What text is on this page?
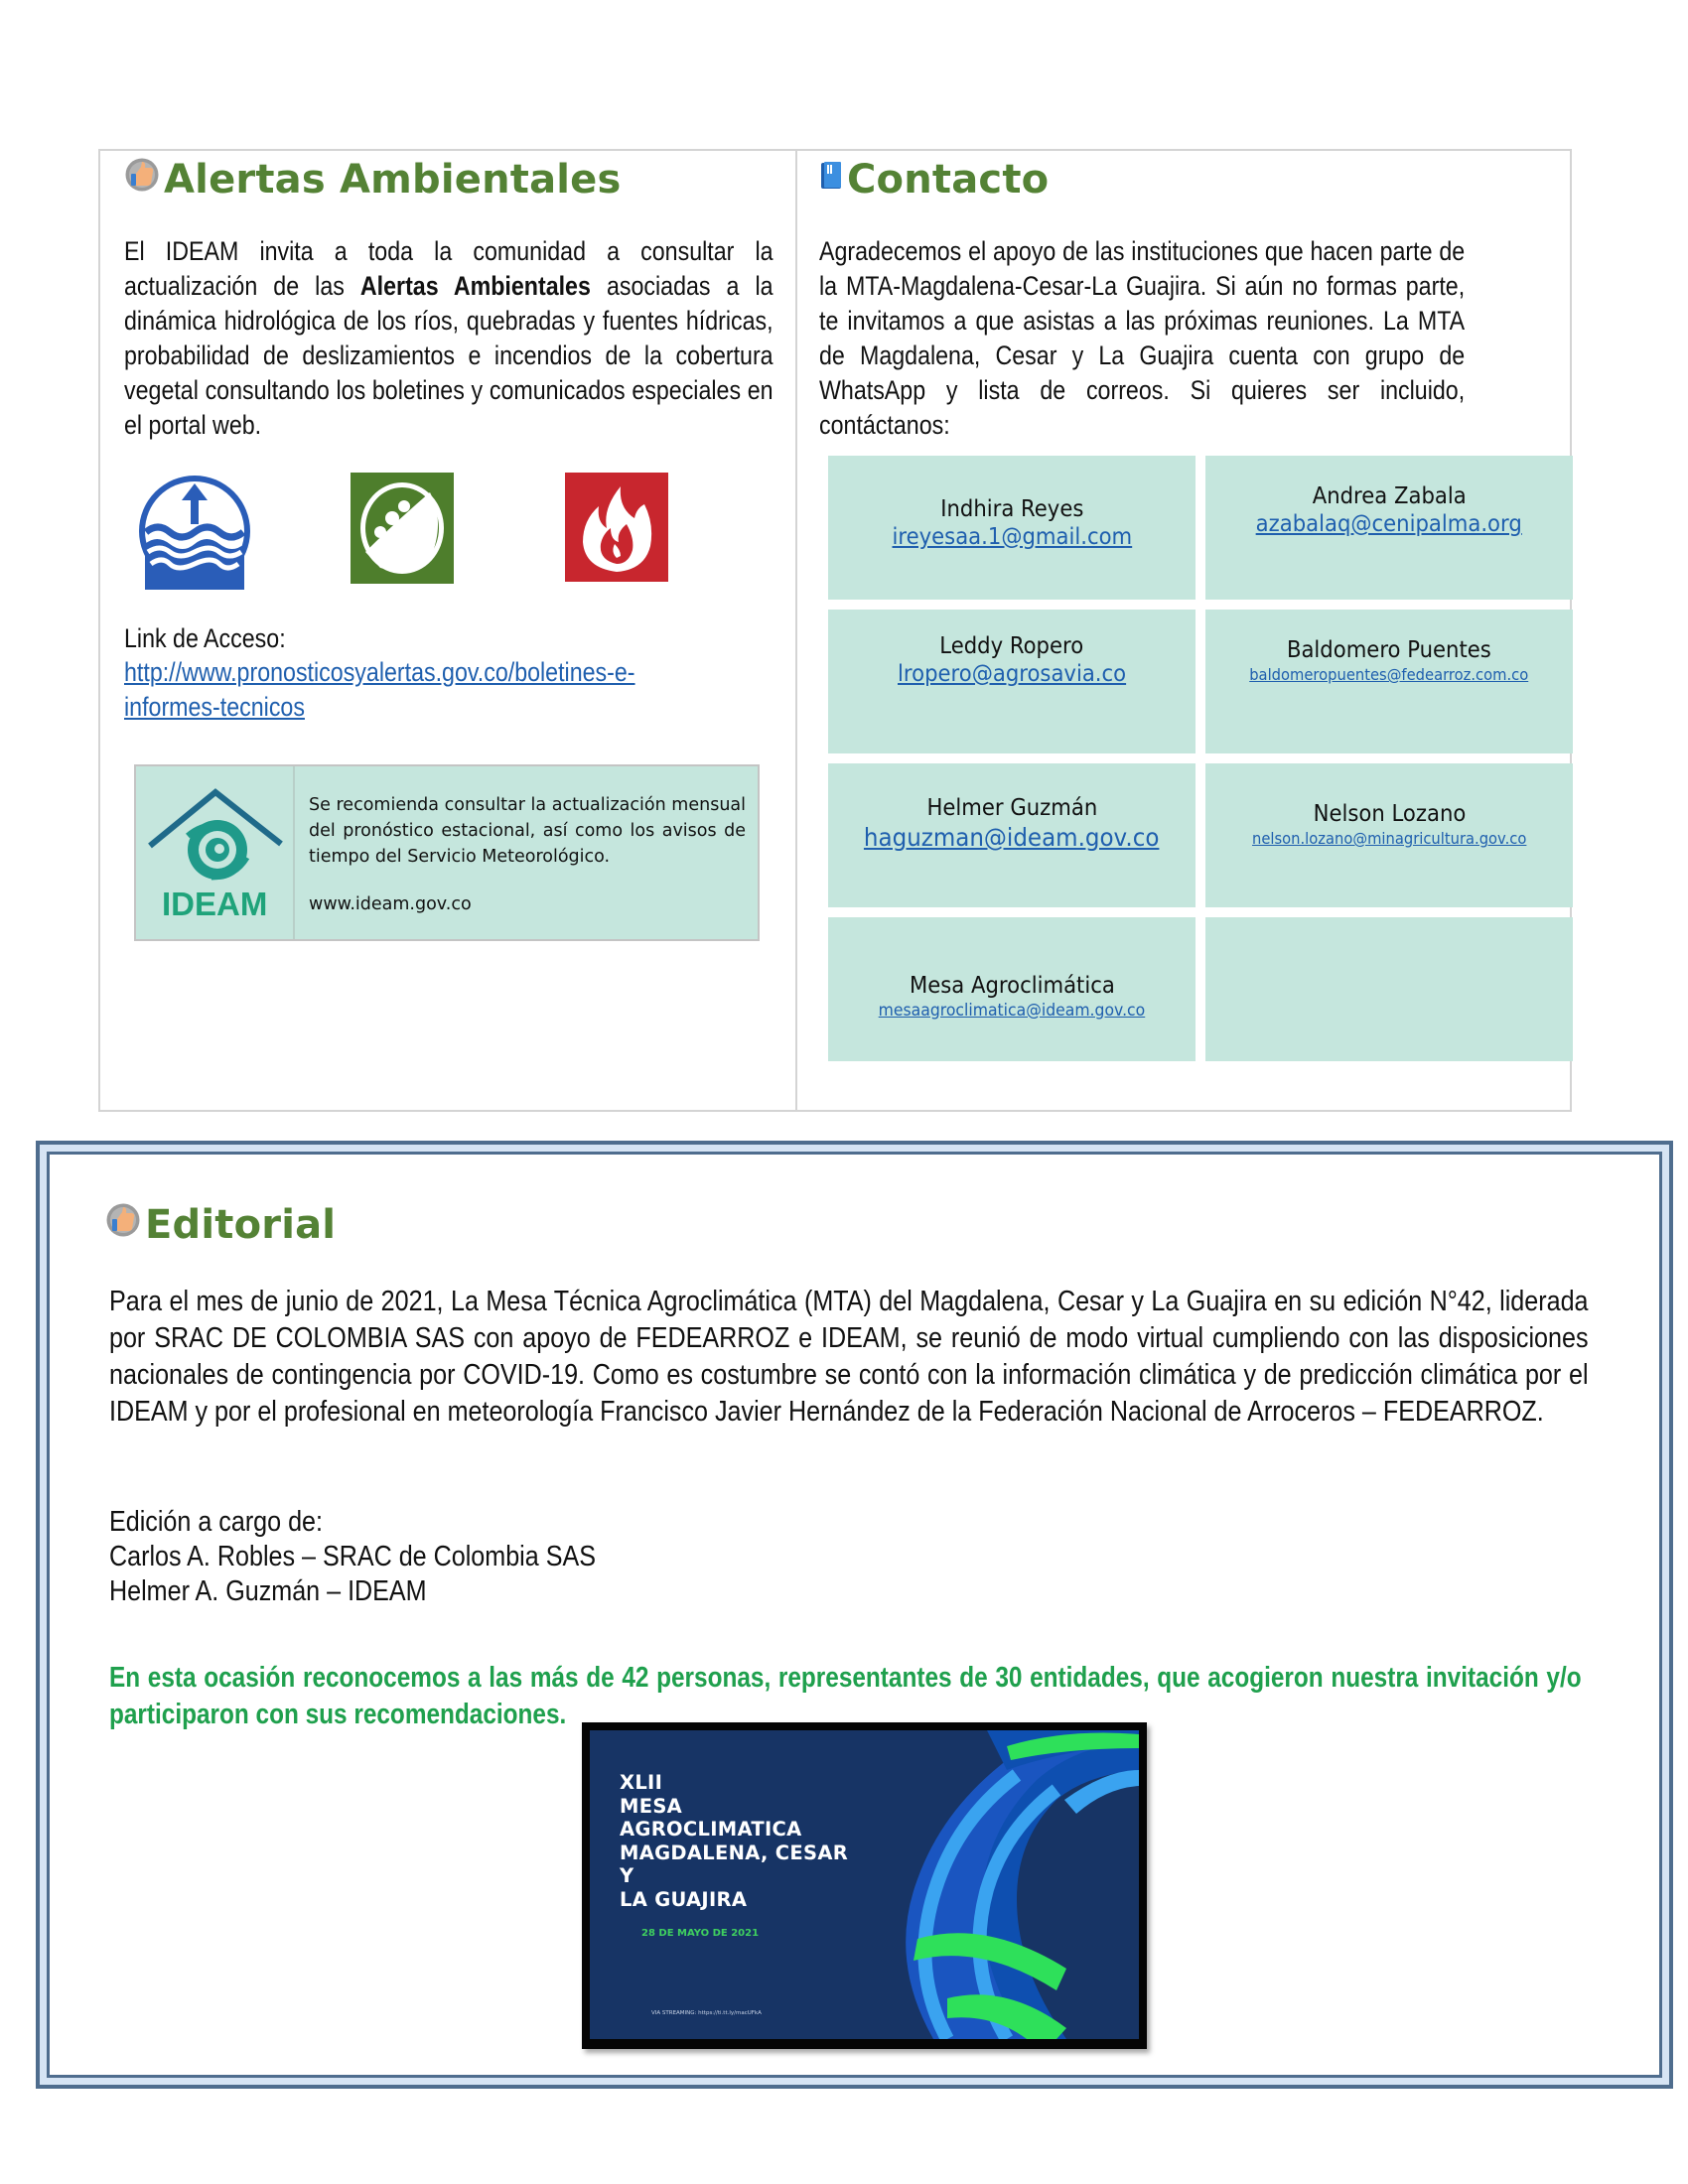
Alertas Ambientales
El IDEAM invita a toda la comunidad a consultar la actualización de las Alertas Ambientales asociadas a la dinámica hidrológica de los ríos, quebradas y fuentes hídricas, probabilidad de deslizamientos e incendios de la cobertura vegetal consultando los boletines y comunicados especiales en el portal web.
Link de Acceso:
http://www.pronosticosyalertas.gov.co/boletines-e-informes-tecnicos
IDEAM
Se recomienda consultar la actualización mensual del pronóstico estacional, así como los avisos de tiempo del Servicio Meteorológico.
www.ideam.gov.co
Contacto
Agradecemos el apoyo de las instituciones que hacen parte de la MTA-Magdalena-Cesar-La Guajira. Si aún no formas parte, te invitamos a que asistas a las próximas reuniones. La MTA de Magdalena, Cesar y La Guajira cuenta con grupo de WhatsApp y lista de correos. Si quieres ser incluido, contáctanos:
Indhira Reyes
ireyesaa.1@gmail.com
Andrea Zabala
azabalaq@cenipalma.org
Leddy Ropero
lropero@agrosavia.co
Baldomero Puentes
baldomeropuentes@fedearroz.com.co
Helmer Guzmán
haguzman@ideam.gov.co
Nelson Lozano
nelson.lozano@minagricultura.gov.co
Mesa Agroclimática
mesaagroclimatica@ideam.gov.co
Editorial
Para el mes de junio de 2021, La Mesa Técnica Agroclimática (MTA) del Magdalena, Cesar y La Guajira en su edición N°42, liderada por SRAC DE COLOMBIA SAS con apoyo de FEDEARROZ e IDEAM, se reunió de modo virtual cumpliendo con las disposiciones nacionales de contingencia por COVID-19. Como es costumbre se contó con la información climática y de predicción climática por el IDEAM y por el profesional en meteorología Francisco Javier Hernández de la Federación Nacional de Arroceros – FEDEARROZ.
Edición a cargo de:
Carlos A. Robles – SRAC de Colombia SAS
Helmer A. Guzmán – IDEAM
En esta ocasión reconocemos a las más de 42 personas, representantes de 30 entidades, que acogieron nuestra invitación y/o participaron con sus recomendaciones.
XLII
MESA
AGROCLIMATICA
MAGDALENA, CESAR
Y
LA GUAJIRA
28 DE MAYO DE 2021
VIA STREAMING: https://ti.tt.ly/macUFkA
